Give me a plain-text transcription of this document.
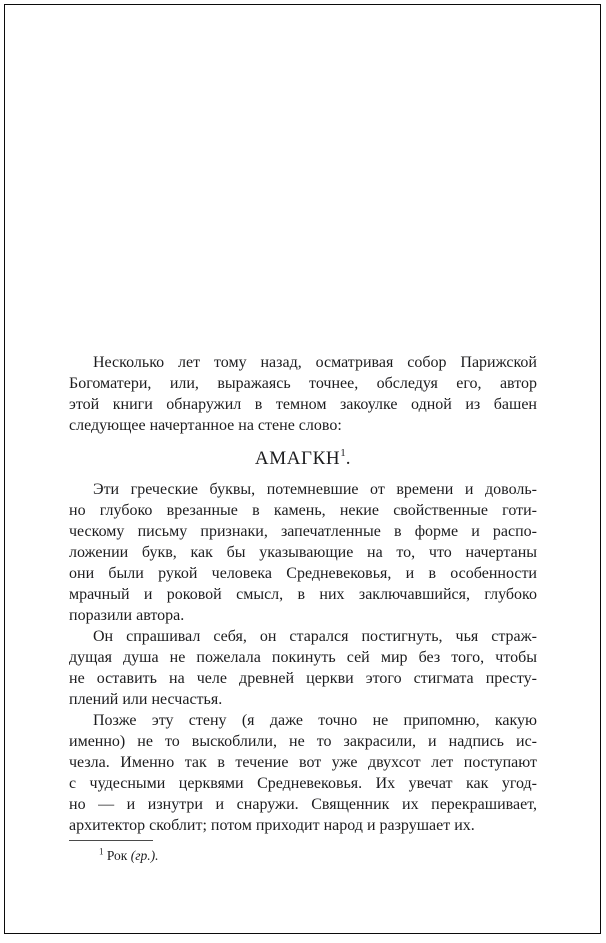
Несколько лет тому назад, осматривая собор Парижской
Богоматери, или, выражаясь точнее, обследуя его, автор
этой книги обнаружил в темном закоулке одной из башен
следующее начертанное на стене слово:
АМАГКН$^1$.
Эти греческие буквы, потемневшие от времени и доволь-
но глубоко врезанные в камень, некие свойственные готи-
ческому письму признаки, запечатленные в форме и распо-
ложении букв, как бы указывающие на то, что начертаны
они были рукой человека Средневековья, и в особенности
мрачный и роковой смысл, в них заключавшийся, глубоко
поразили автора.
Он спрашивал себя, он старался постигнуть, чья страж-
дущая душа не пожелала покинуть сей мир без того, чтобы
не оставить на челе древней церкви этого стигмата престу-
плений или несчастья.
Позже эту стену (я даже точно не припомню, какую
именно) не то выскоблили, не то закрасили, и надпись ис-
чезла. Именно так в течение вот уже двухсот лет поступают
с чудесными церквями Средневековья. Их увечат как угод-
но — и изнутри и снаружи. Священник их перекрашивает,
архитектор скоблит; потом приходит народ и разрушает их.
$^1$ Рок (гр.).
